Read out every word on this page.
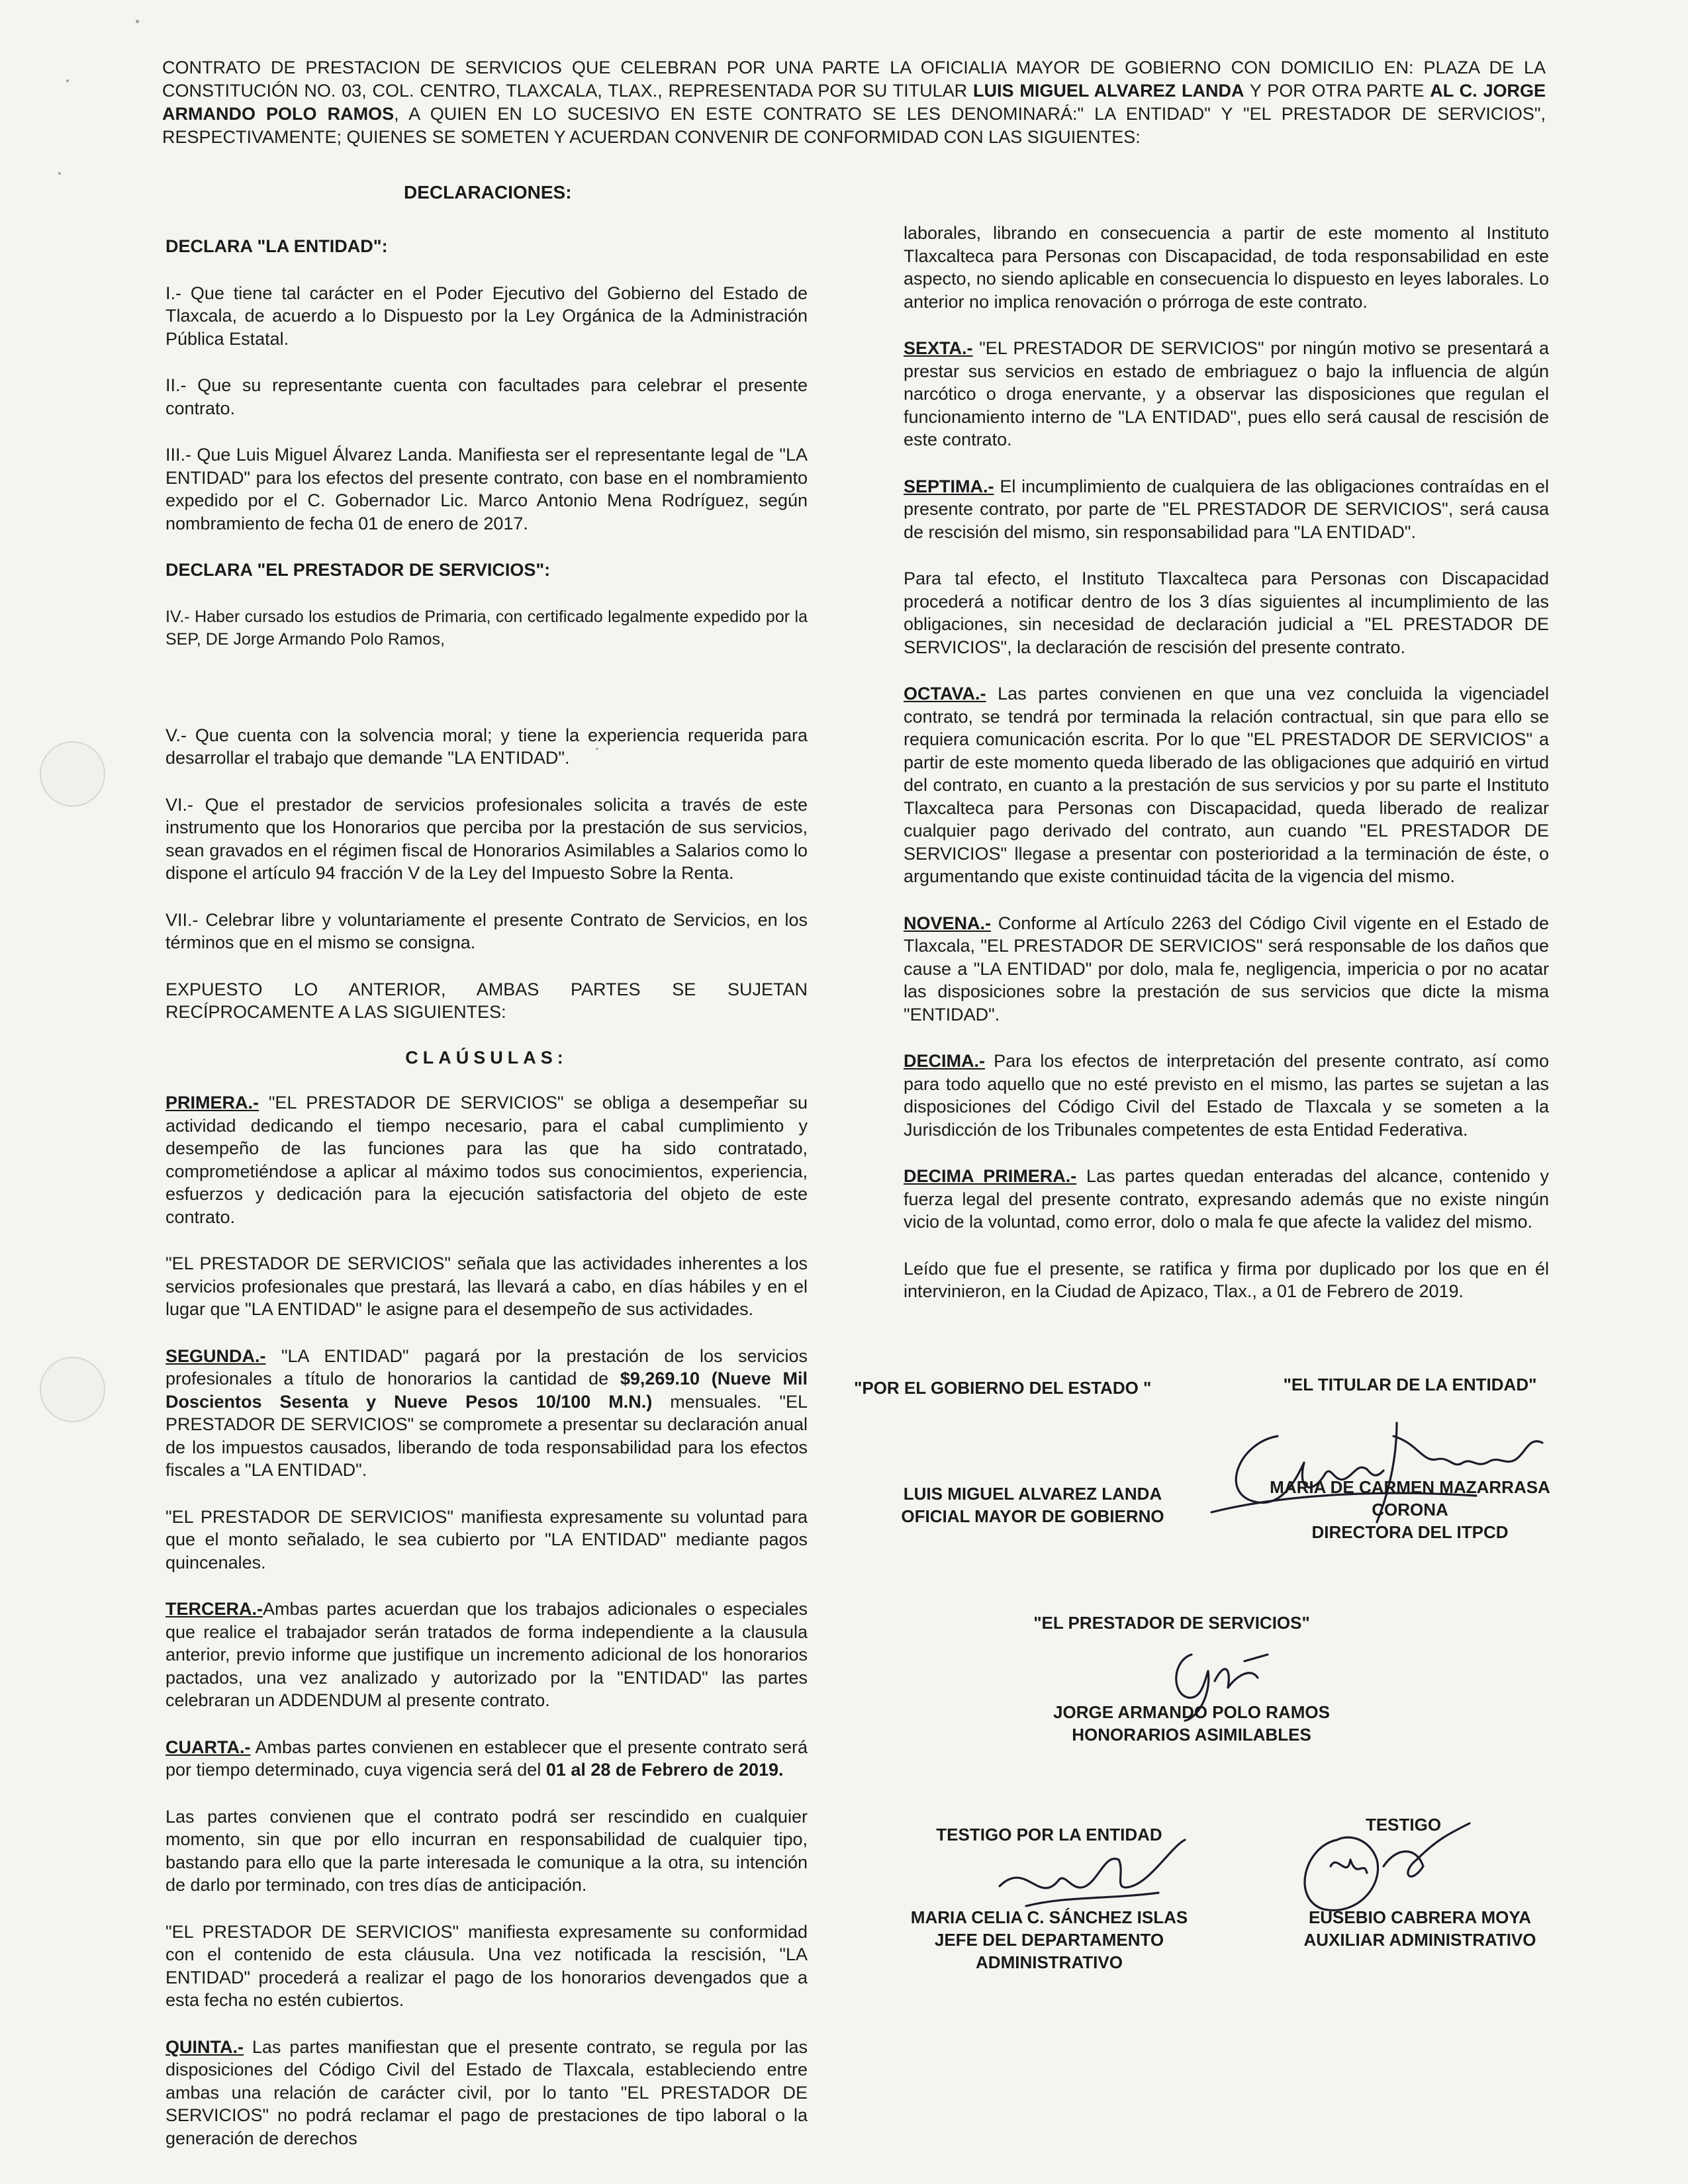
CONTRATO DE PRESTACION DE SERVICIOS QUE CELEBRAN POR UNA PARTE LA OFICIALIA MAYOR DE GOBIERNO CON DOMICILIO EN: PLAZA DE LA CONSTITUCIÓN NO. 03, COL. CENTRO, TLAXCALA, TLAX., REPRESENTADA POR SU TITULAR LUIS MIGUEL ALVAREZ LANDA Y POR OTRA PARTE AL C. JORGE ARMANDO POLO RAMOS, A QUIEN EN LO SUCESIVO EN ESTE CONTRATO SE LES DENOMINARÁ:" LA ENTIDAD" Y "EL PRESTADOR DE SERVICIOS", RESPECTIVAMENTE; QUIENES SE SOMETEN Y ACUERDAN CONVENIR DE CONFORMIDAD CON LAS SIGUIENTES:
DECLARACIONES:

DECLARA "LA ENTIDAD":

I.- Que tiene tal carácter en el Poder Ejecutivo del Gobierno del Estado de Tlaxcala, de acuerdo a lo Dispuesto por la Ley Orgánica de la Administración Pública Estatal.

II.- Que su representante cuenta con facultades para celebrar el presente contrato.

III.- Que Luis Miguel Álvarez Landa. Manifiesta ser el representante legal de "LA ENTIDAD" para los efectos del presente contrato, con base en el nombramiento expedido por el C. Gobernador Lic. Marco Antonio Mena Rodríguez, según nombramiento de fecha 01 de enero de 2017.

DECLARA "EL PRESTADOR DE SERVICIOS":

IV.- Haber cursado los estudios de Primaria, con certificado legalmente expedido por la SEP, DE Jorge Armando Polo Ramos,

V.- Que cuenta con la solvencia moral; y tiene la experiencia requerida para desarrollar el trabajo que demande "LA ENTIDAD".

VI.- Que el prestador de servicios profesionales solicita a través de este instrumento que los Honorarios que perciba por la prestación de sus servicios, sean gravados en el régimen fiscal de Honorarios Asimilables a Salarios como lo dispone el artículo 94 fracción V de la Ley del Impuesto Sobre la Renta.

VII.- Celebrar libre y voluntariamente el presente Contrato de Servicios, en los términos que en el mismo se consigna.

EXPUESTO LO ANTERIOR, AMBAS PARTES SE SUJETAN RECÍPROCAMENTE A LAS SIGUIENTES:

CLAÚSULAS:

PRIMERA.- "EL PRESTADOR DE SERVICIOS" se obliga a desempeñar su actividad dedicando el tiempo necesario, para el cabal cumplimiento y desempeño de las funciones para las que ha sido contratado, comprometiéndose a aplicar al máximo todos sus conocimientos, experiencia, esfuerzos y dedicación para la ejecución satisfactoria del objeto de este contrato.

"EL PRESTADOR DE SERVICIOS" señala que las actividades inherentes a los servicios profesionales que prestará, las llevará a cabo, en días hábiles y en el lugar que "LA ENTIDAD" le asigne para el desempeño de sus actividades.

SEGUNDA.- "LA ENTIDAD" pagará por la prestación de los servicios profesionales a título de honorarios la cantidad de $9,269.10 (Nueve Mil Doscientos Sesenta y Nueve Pesos 10/100 M.N.) mensuales. "EL PRESTADOR DE SERVICIOS" se compromete a presentar su declaración anual de los impuestos causados, liberando de toda responsabilidad para los efectos fiscales a "LA ENTIDAD".

"EL PRESTADOR DE SERVICIOS" manifiesta expresamente su voluntad para que el monto señalado, le sea cubierto por "LA ENTIDAD" mediante pagos quincenales.

TERCERA.-Ambas partes acuerdan que los trabajos adicionales o especiales que realice el trabajador serán tratados de forma independiente a la clausula anterior, previo informe que justifique un incremento adicional de los honorarios pactados, una vez analizado y autorizado por la "ENTIDAD" las partes celebraran un ADDENDUM al presente contrato.

CUARTA.- Ambas partes convienen en establecer que el presente contrato será por tiempo determinado, cuya vigencia será del 01 al 28 de Febrero de 2019.

Las partes convienen que el contrato podrá ser rescindido en cualquier momento, sin que por ello incurran en responsabilidad de cualquier tipo, bastando para ello que la parte interesada le comunique a la otra, su intención de darlo por terminado, con tres días de anticipación.

"EL PRESTADOR DE SERVICIOS" manifiesta expresamente su conformidad con el contenido de esta cláusula. Una vez notificada la rescisión, "LA ENTIDAD" procederá a realizar el pago de los honorarios devengados que a esta fecha no estén cubiertos.

QUINTA.- Las partes manifiestan que el presente contrato, se regula por las disposiciones del Código Civil del Estado de Tlaxcala, estableciendo entre ambas una relación de carácter civil, por lo tanto "EL PRESTADOR DE SERVICIOS" no podrá reclamar el pago de prestaciones de tipo laboral o la generación de derechos

laborales, librando en consecuencia a partir de este momento al Instituto Tlaxcalteca para Personas con Discapacidad, de toda responsabilidad en este aspecto, no siendo aplicable en consecuencia lo dispuesto en leyes laborales. Lo anterior no implica renovación o prórroga de este contrato.

SEXTA.- "EL PRESTADOR DE SERVICIOS" por ningún motivo se presentará a prestar sus servicios en estado de embriaguez o bajo la influencia de algún narcótico o droga enervante, y a observar las disposiciones que regulan el funcionamiento interno de "LA ENTIDAD", pues ello será causal de rescisión de este contrato.

SEPTIMA.- El incumplimiento de cualquiera de las obligaciones contraídas en el presente contrato, por parte de "EL PRESTADOR DE SERVICIOS", será causa de rescisión del mismo, sin responsabilidad para "LA ENTIDAD".

Para tal efecto, el Instituto Tlaxcalteca para Personas con Discapacidad procederá a notificar dentro de los 3 días siguientes al incumplimiento de las obligaciones, sin necesidad de declaración judicial a "EL PRESTADOR DE SERVICIOS", la declaración de rescisión del presente contrato.

OCTAVA.- Las partes convienen en que una vez concluida la vigenciadel contrato, se tendrá por terminada la relación contractual, sin que para ello se requiera comunicación escrita. Por lo que "EL PRESTADOR DE SERVICIOS" a partir de este momento queda liberado de las obligaciones que adquirió en virtud del contrato, en cuanto a la prestación de sus servicios y por su parte el Instituto Tlaxcalteca para Personas con Discapacidad, queda liberado de realizar cualquier pago derivado del contrato, aun cuando "EL PRESTADOR DE SERVICIOS" llegase a presentar con posterioridad a la terminación de éste, o argumentando que existe continuidad tácita de la vigencia del mismo.

NOVENA.- Conforme al Artículo 2263 del Código Civil vigente en el Estado de Tlaxcala, "EL PRESTADOR DE SERVICIOS" será responsable de los daños que cause a "LA ENTIDAD" por dolo, mala fe, negligencia, impericia o por no acatar las disposiciones sobre la prestación de sus servicios que dicte la misma "ENTIDAD".

DECIMA.- Para los efectos de interpretación del presente contrato, así como para todo aquello que no esté previsto en el mismo, las partes se sujetan a las disposiciones del Código Civil del Estado de Tlaxcala y se someten a la Jurisdicción de los Tribunales competentes de esta Entidad Federativa.

DECIMA PRIMERA.- Las partes quedan enteradas del alcance, contenido y fuerza legal del presente contrato, expresando además que no existe ningún vicio de la voluntad, como error, dolo o mala fe que afecte la validez del mismo.

Leído que fue el presente, se ratifica y firma por duplicado por los que en él intervinieron, en la Ciudad de Apizaco, Tlax., a 01 de Febrero de 2019.

"POR EL GOBIERNO DEL ESTADO "	"EL TITULAR DE LA ENTIDAD"
LUIS MIGUEL ALVAREZ LANDA
OFICIAL MAYOR DE GOBIERNO
MARIA DE CARMEN MAZARRASA
CORONA
DIRECTORA DEL ITPCD
"EL PRESTADOR DE SERVICIOS"
JORGE ARMANDO POLO RAMOS
HONORARIOS ASIMILABLES
TESTIGO POR LA ENTIDAD	TESTIGO
MARIA CELIA C. SÁNCHEZ ISLAS
JEFE DEL DEPARTAMENTO
ADMINISTRATIVO
EUSEBIO CABRERA MOYA
AUXILIAR ADMINISTRATIVO
